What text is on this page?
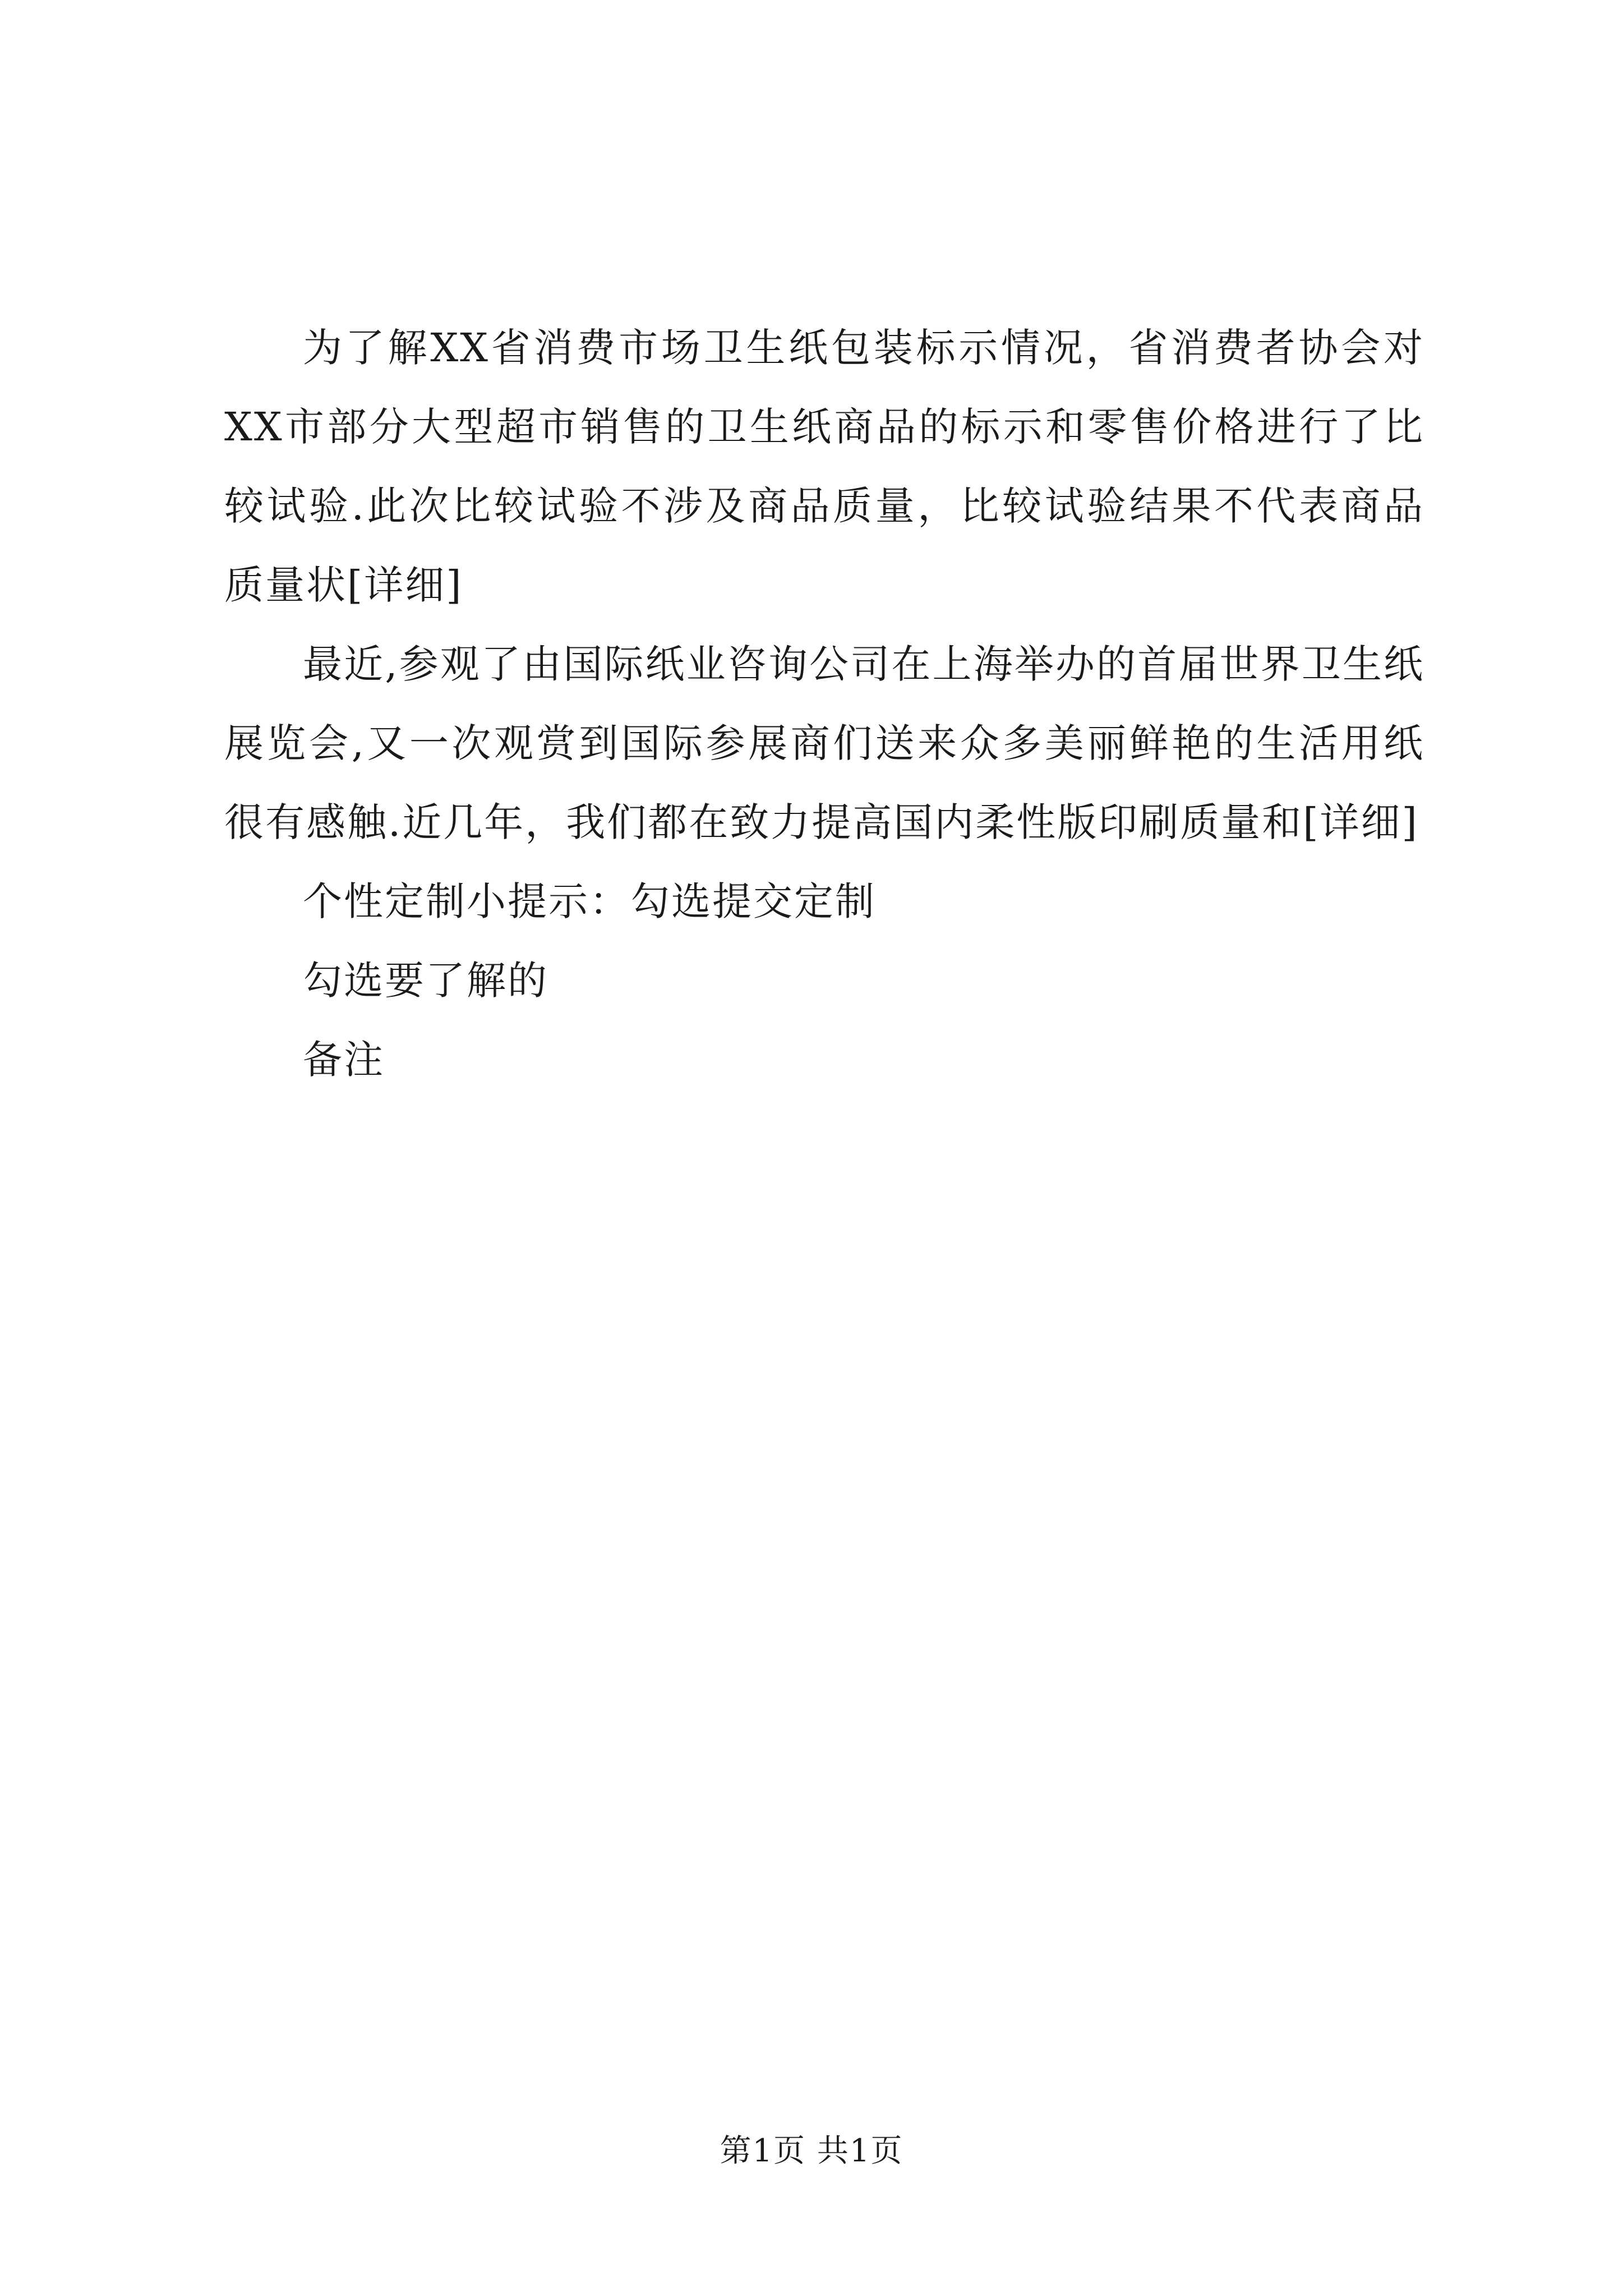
为了解XX省消费市场卫生纸包装标示情况，省消费者协会对XX市部分大型超市销售的卫生纸商品的标示和零售价格进行了比较试验.此次比较试验不涉及商品质量，比较试验结果不代表商品质量状[详细]

最近,参观了由国际纸业咨询公司在上海举办的首届世界卫生纸展览会,又一次观赏到国际参展商们送来众多美丽鲜艳的生活用纸很有感触.近几年，我们都在致力提高国内柔性版印刷质量和[详细]

个性定制小提示：勾选提交定制

勾选要了解的

备注

第1页 共1页
